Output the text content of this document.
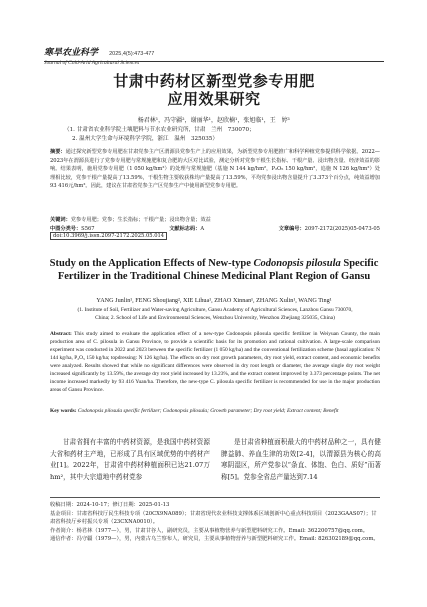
寒旱农业科学 2025,4(5):473-477
Journal of Cold-Arid Agricultural Sciences
甘肃中药材区新型党参专用肥
应用效果研究
杨君林¹，冯守疆²，谢丽华¹，赵欣楠¹，张旭临¹，王　婷¹
（1. 甘肃省农业科学院土壤肥料与节水农业研究所，甘肃　兰州　730070；
2. 温州大学生命与环境科学学院，浙江　温州　325035）
摘要：通过探究新型党参专用肥在甘肃党参主产区渭源县党参生产上的应用效果，为新型党参专用肥推广和科学种植党参提供科学依据。2022—2023年在渭源县进行了党参专用肥与常规施肥和复合肥的大区对比试验，测定分析对党参干根生长指标、干根产量、浸出物含量、经济效益的影响。结果表明，施用党参专用肥（1 050 kg/hm²）的处理与常规施肥（基施 N 144 kg/hm²，P₂O₅ 150 kg/hm²，追施 N 126 kg/hm²）处理相比较，党参干根产量提高了13.59%，干根生物主要收获株均产量提高了13.59%，平均党参浸出物含量提升了3.373个百分点，纯效益增加93 416元/hm²。因此，建议在甘肃省党参主产区党参生产中使用新型党参专用肥。
关键词：党参专用肥；党参；生长指标；干根产量；浸出物含量；效益
中图分类号：S567	文献标志码：A	文章编号：2097-2172(2025)05-0473-05
doi:10.3969/j.issn.2097-2172.2025.05.014
Study on the Application Effects of New-type Codonopsis pilosula Specific
Fertilizer in the Traditional Chinese Medicinal Plant Region of Gansu
YANG Junlin¹, FENG Shoujiang², XIE Lihua¹, ZHAO Xinnan¹, ZHANG Xulin¹, WANG Ting¹
(1. Institute of Soil, Fertilizer and Water-saving Agriculture, Gansu Academy of Agricultural Sciences, Lanzhou Gansu 730070,
China; 2. School of Life and Environmental Sciences, Wenzhou University, Wenzhou Zhejiang 325035, China)
Abstract: This study aimed to evaluate the application effect of a new-type Codonopsis pilosula specific fertilizer in Weiyuan County, the main production area of C. pilosula in Gansu Province, to provide a scientific basis for its promotion and rational cultivation. A large-scale comparison experiment was conducted in 2022 and 2023 between the specific fertilizer (1 050 kg/ha) and the conventional fertilization scheme (basal application: N 144 kg/ha, P₂O₅ 150 kg/ha; topdressing: N 126 kg/ha). The effects on dry root growth parameters, dry root yield, extract content, and economic benefits were analyzed. Results showed that while no significant differences were observed in dry root length or diameter, the average single dry root weight increased significantly by 13.59%, the average dry root yield increased by 13.23%, and the extract content improved by 3.373 percentage points. The net income increased markedly by 93 416 Yuan/ha. Therefore, the new-type C. pilosula specific fertilizer is recommended for use in the major production areas of Gansu Province.
Key words: Codonopsis pilosula specific fertilizer; Codonopsis pilosula; Growth parameter; Dry root yield; Extract content; Benefit
甘肃省拥有丰富的中药材资源，是我国中药材资源大省和药材主产地，已形成了具有区域优势的中药材产业[1]。2022年，甘肃省中药材种植面积已达21.07万hm²，其中大宗道地中药材党参
是甘肃省种植面积最大的中药材品种之一，具有健脾益肺、养血生津的功效[2-4]，以渭源县为核心的高寒阴湿区，所产党参以“条直、体饱、色白、质好”而著称[5]。党参全省总产量达到7.14
收稿日期：2024-10-17；修订日期：2025-01-13
基金项目：甘肃省科技厅民生科技专项（20CX9NA089）；甘肃省现代农业科技支撑体系区域创新中心重点科技项目（2023GAAS07）；甘肃省科技厅乡村振兴专项（23CXNA0010）。
作者简介：杨君林（1977—），男，甘肃甘谷人，副研究员，主要从事植物营养与新型肥料研究工作。Email: 362200757@qq.com。
通信作者：冯守疆（1979—），男，内蒙古乌兰察布人，研究员，主要从事植物营养与新型肥料研究工作。Email: 826302189@qq.com。
